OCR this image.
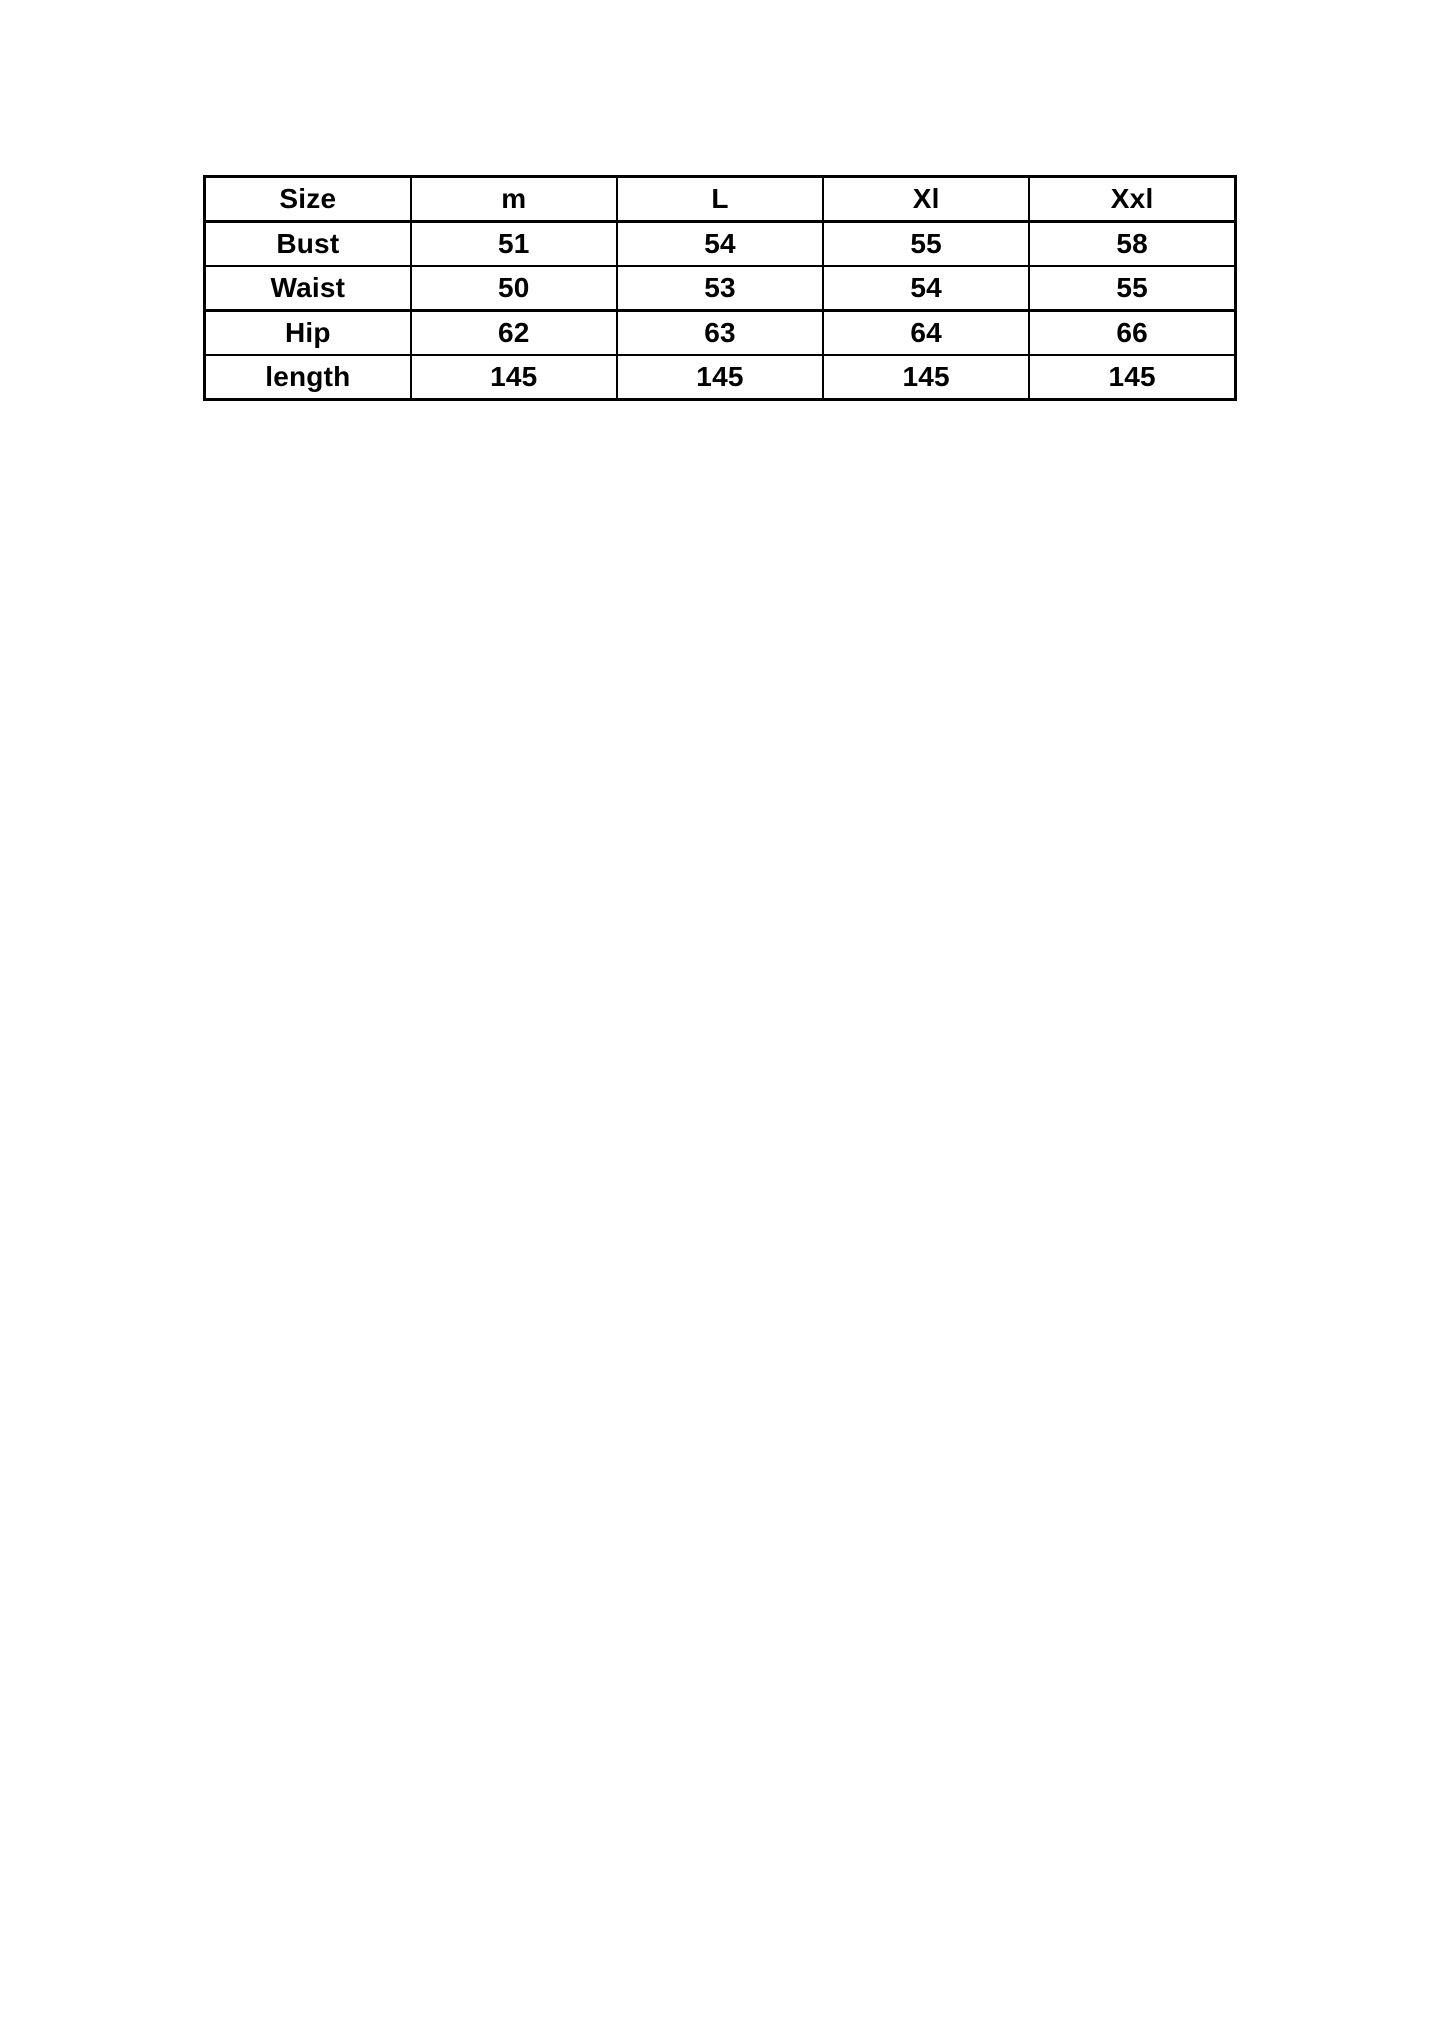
Size	m	L	Xl	Xxl
Bust	51	54	55	58
Waist	50	53	54	55
Hip	62	63	64	66
length	145	145	145	145
